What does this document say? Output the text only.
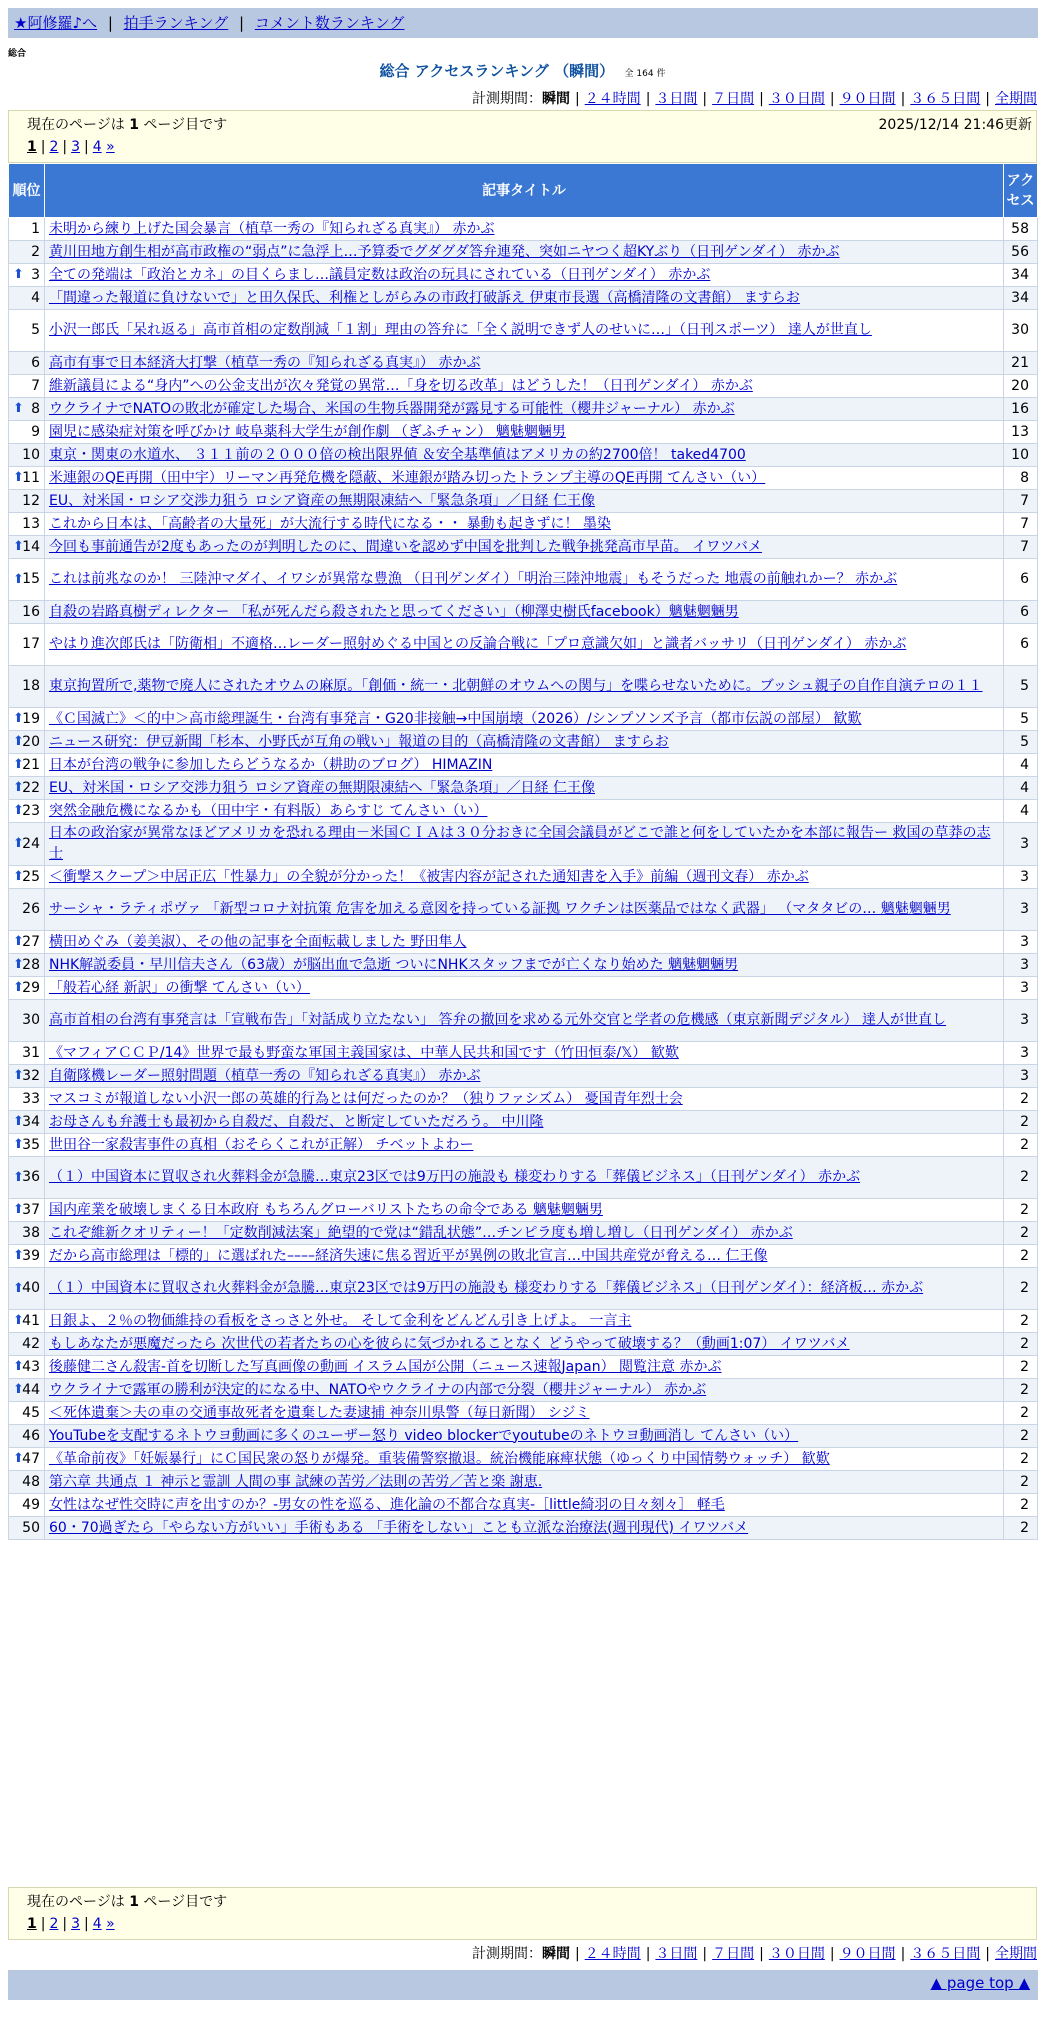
★阿修羅♪へ | 拍手ランキング | コメント数ランキング
総合
総合 アクセスランキング （瞬間） 全 164 件
計測期間：瞬間 | ２４時間 | ３日間 | ７日間 | ３０日間 | ９０日間 | ３６５日間 | 全期間
現在のページは 1 ページ目です	2025/12/14 21:46更新
1 | 2 | 3 | 4 »
順位	記事タイトル	アクセス
1	未明から練り上げた国会暴言（植草一秀の『知られざる真実』） 赤かぶ	58
2	黄川田地方創生相が高市政権の“弱点”に急浮上…予算委でグダグダ答弁連発、突如ニヤつく超KYぶり（日刊ゲンダイ） 赤かぶ	56

⬆ 3	全ての発端は「政治とカネ」の目くらまし…議員定数は政治の玩具にされている（日刊ゲンダイ） 赤かぶ	34
4	「間違った報道に負けないで」と田久保氏、利権としがらみの市政打破訴え 伊東市長選（高橋清隆の文書館） ますらお	34
5	小沢一郎氏「呆れ返る」高市首相の定数削減「１割」理由の答弁に「全く説明できず人のせいに…」（日刊スポーツ） 達人が世直し	30
6	高市有事で日本経済大打撃（植草一秀の『知られざる真実』） 赤かぶ	21
7	維新議員による“身内”への公金支出が次々発覚の異常…「身を切る改革」はどうした！（日刊ゲンダイ） 赤かぶ	20

⬆ 8	ウクライナでNATOの敗北が確定した場合、米国の生物兵器開発が露見する可能性（櫻井ジャーナル） 赤かぶ	16
9	園児に感染症対策を呼びかけ 岐阜薬科大学生が創作劇 （ぎふチャン） 魑魅魍魎男	13
10	東京・関東の水道水、 ３１１前の２０００倍の検出限界値 ＆安全基準値はアメリカの約2700倍！ taked4700	10

⬆
11	米連銀のQE再開（田中宇）リーマン再発危機を隠蔽、米連銀が踏み切ったトランプ主導のQE再開 てんさい（い）	8
12	EU、対米国・ロシア交渉力狙う ロシア資産の無期限凍結へ「緊急条項」／日経 仁王像	7
13	これから日本は、「高齢者の大量死」が大流行する時代になる・・ 暴動も起きずに！ 墨染	7

⬆
14	今回も事前通告が2度もあったのが判明したのに、間違いを認めず中国を批判した戦争挑発高市早苗。 イワツバメ	7

⬆
15	これは前兆なのか！ 三陸沖マダイ、イワシが異常な豊漁 （日刊ゲンダイ）「明治三陸沖地震」もそうだった 地震の前触れかー？ 赤かぶ	6
16	自殺の岩路真樹ディレクター 「私が死んだら殺されたと思ってください」（柳澤史樹氏facebook）魑魅魍魎男	6
17	やはり進次郎氏は「防衛相」不適格…レーダー照射めぐる中国との反論合戦に「プロ意識欠如」と識者バッサリ（日刊ゲンダイ） 赤かぶ	6
18	東京拘置所で,薬物で廃人にされたオウムの麻原。「創価・統一・北朝鮮のオウムへの関与」を喋らせないために。ブッシュ親子の自作自演テロの１１	5

⬆
19	《Ｃ国滅亡》＜的中＞高市総理誕生・台湾有事発言・G20非接触→中国崩壊（2026）/シンプソンズ予言（都市伝説の部屋） 歓歎	5

⬆
20	ニュース研究：伊豆新聞「杉本、小野氏が互角の戦い」報道の目的（高橋清隆の文書館） ますらお	5

⬆
21	日本が台湾の戦争に参加したらどうなるか（耕助のブログ） HIMAZIN	4

⬆
22	EU、対米国・ロシア交渉力狙う ロシア資産の無期限凍結へ「緊急条項」／日経 仁王像	4

⬆
23	突然金融危機になるかも（田中宇・有料版）あらすじ てんさい（い）	4

⬆
24	日本の政治家が異常なほどアメリカを恐れる理由－米国ＣＩＡは３０分おきに全国会議員がどこで誰と何をしていたかを本部に報告ー 救国の草莽の志士	3

⬆
25	＜衝撃スクープ＞中居正広「性暴力」の全貌が分かった！《被害内容が記された通知書を入手》前編（週刊文春） 赤かぶ	3
26	サーシャ・ラティポヴァ 「新型コロナ対抗策 危害を加える意図を持っている証拠 ワクチンは医薬品ではなく武器」 （マタタビの… 魑魅魍魎男	3

⬆
27	横田めぐみ（姜美淑）、その他の記事を全面転載しました 野田隼人	3

⬆
28	NHK解説委員・早川信夫さん（63歳）が脳出血で急逝 ついにNHKスタッフまでが亡くなり始めた 魑魅魍魎男	3

⬆
29	「般若心経 新訳」の衝撃 てんさい（い）	3
30	高市首相の台湾有事発言は「宣戦布告」「対話成り立たない」 答弁の撤回を求める元外交官と学者の危機感（東京新聞デジタル） 達人が世直し	3
31	《マフィアＣＣＰ/14》世界で最も野蛮な軍国主義国家は、中華人民共和国です（竹田恒泰/𝕏） 歓歎	3

⬆
32	自衛隊機レーダー照射問題（植草一秀の『知られざる真実』） 赤かぶ	3
33	マスコミが報道しない小沢一郎の英雄的行為とは何だったのか？（独りファシズム） 憂国青年烈士会	2

⬆
34	お母さんも弁護士も最初から自殺だ、自殺だ、と断定していただろう。 中川隆	2

⬆
35	世田谷一家殺害事件の真相（おそらくこれが正解） チベットよわー	2

⬆
36	（１）中国資本に買収され火葬料金が急騰…東京23区では9万円の施設も 様変わりする「葬儀ビジネス」（日刊ゲンダイ） 赤かぶ	2

⬆
37	国内産業を破壊しまくる日本政府 もちろんグローバリストたちの命令である 魑魅魍魎男	2
38	これぞ維新クオリティー！「定数削減法案」絶望的で党は“錯乱状態”…チンピラ度も増し増し（日刊ゲンダイ） 赤かぶ	2

⬆
39	だから高市総理は「標的」に選ばれた––––経済失速に焦る習近平が異例の敗北宣言…中国共産党が脅える… 仁王像	2

⬆
40	（１）中国資本に買収され火葬料金が急騰…東京23区では9万円の施設も 様変わりする「葬儀ビジネス」（日刊ゲンダイ）：経済板… 赤かぶ	2

⬆
41	日銀よ、２％の物価維持の看板をさっさと外せ。 そして金利をどんどん引き上げよ。 一言主	2
42	もしあなたが悪魔だったら 次世代の若者たちの心を彼らに気づかれることなく どうやって破壊する？（動画1:07） イワツバメ	2

⬆
43	後藤健二さん殺害-首を切断した写真画像の動画 イスラム国が公開（ニュース速報Japan） 閲覧注意 赤かぶ	2

⬆
44	ウクライナで露軍の勝利が決定的になる中、NATOやウクライナの内部で分裂（櫻井ジャーナル） 赤かぶ	2
45	＜死体遺棄＞夫の車の交通事故死者を遺棄した妻逮捕 神奈川県警（毎日新聞） シジミ	2
46	YouTubeを支配するネトウヨ動画に多くのユーザー怒り video blockerでyoutubeのネトウヨ動画消し てんさい（い）	2

⬆
47	《革命前夜》「妊娠暴行」にＣ国民衆の怒りが爆発。重装備警察撤退。統治機能麻痺状態（ゆっくり中国情勢ウォッチ） 歓歎	2
48	第六章 共通点 １ 神示と霊訓 人間の事 試練の苦労／法則の苦労／苦と楽 謝恵.	2
49	女性はなぜ性交時に声を出すのか？-男女の性を巡る、進化論の不都合な真実-［little綺羽の日々刻々］ 軽毛	2
50	60・70過ぎたら「やらない方がいい」手術もある 「手術をしない」ことも立派な治療法(週刊現代) イワツバメ	2
現在のページは 1 ページ目です
1 | 2 | 3 | 4 »
計測期間：瞬間 | ２４時間 | ３日間 | ７日間 | ３０日間 | ９０日間 | ３６５日間 | 全期間
▲ page top ▲
